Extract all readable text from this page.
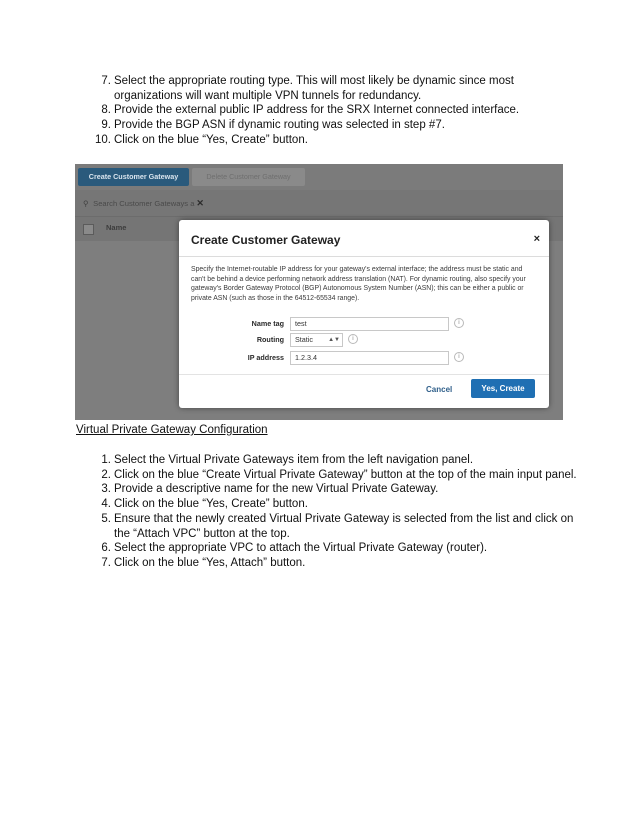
7. Select the appropriate routing type. This will most likely be dynamic since most organizations will want multiple VPN tunnels for redundancy.
8. Provide the external public IP address for the SRX Internet connected interface.
9. Provide the BGP ASN if dynamic routing was selected in step #7.
10. Click on the blue “Yes, Create” button.
Create Customer Gateway	Delete Customer Gateway
⚲ Search Customer Gateways a ✕
Name
Create Customer Gateway	×
Specify the Internet-routable IP address for your gateway's external interface; the address must be static and can't be behind a device performing network address translation (NAT). For dynamic routing, also specify your gateway's Border Gateway Protocol (BGP) Autonomous System Number (ASN); this can be either a public or private ASN (such as those in the 64512-65534 range).
Name tag	test	i
Routing	Static	▲▼	i
IP address	1.2.3.4	i
Cancel	Yes, Create
Virtual Private Gateway Configuration
1. Select the Virtual Private Gateways item from the left navigation panel.
2. Click on the blue “Create Virtual Private Gateway” button at the top of the main input panel.
3. Provide a descriptive name for the new Virtual Private Gateway.
4. Click on the blue “Yes, Create” button.
5. Ensure that the newly created Virtual Private Gateway is selected from the list and click on the “Attach VPC” button at the top.
6. Select the appropriate VPC to attach the Virtual Private Gateway (router).
7. Click on the blue “Yes, Attach” button.
